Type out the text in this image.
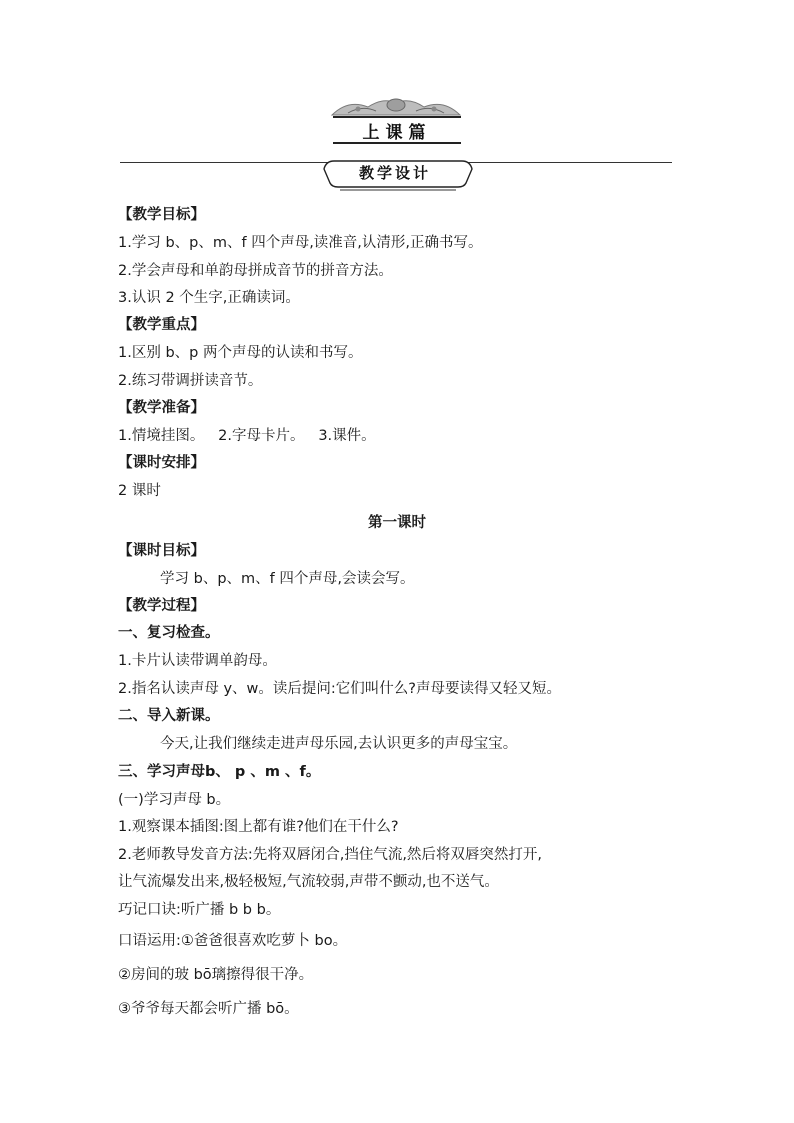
上课篇
教学设计
【教学目标】
1.学习 b、p、m、f 四个声母,读准音,认清形,正确书写。
2.学会声母和单韵母拼成音节的拼音方法。
3.认识 2 个生字,正确读词。
【教学重点】
1.区别 b、p 两个声母的认读和书写。
2.练习带调拼读音节。
【教学准备】
1.情境挂图。   2.字母卡片。   3.课件。
【课时安排】
2 课时
第一课时
【课时目标】
学习 b、p、m、f 四个声母,会读会写。
【教学过程】
一、复习检查。
1.卡片认读带调单韵母。
2.指名认读声母 y、w。读后提问:它们叫什么?声母要读得又轻又短。
二、导入新课。
今天,让我们继续走进声母乐园,去认识更多的声母宝宝。
三、学习声母b、 p 、m 、f。
(一)学习声母 b。
1.观察课本插图:图上都有谁?他们在干什么?
2.老师教导发音方法:先将双唇闭合,挡住气流,然后将双唇突然打开,
让气流爆发出来,极轻极短,气流较弱,声带不颤动,也不送气。
巧记口诀:听广播 b b b。
口语运用:①爸爸很喜欢吃萝卜 bo。
②房间的玻 bō璃擦得很干净。
③爷爷每天都会听广播 bō。
